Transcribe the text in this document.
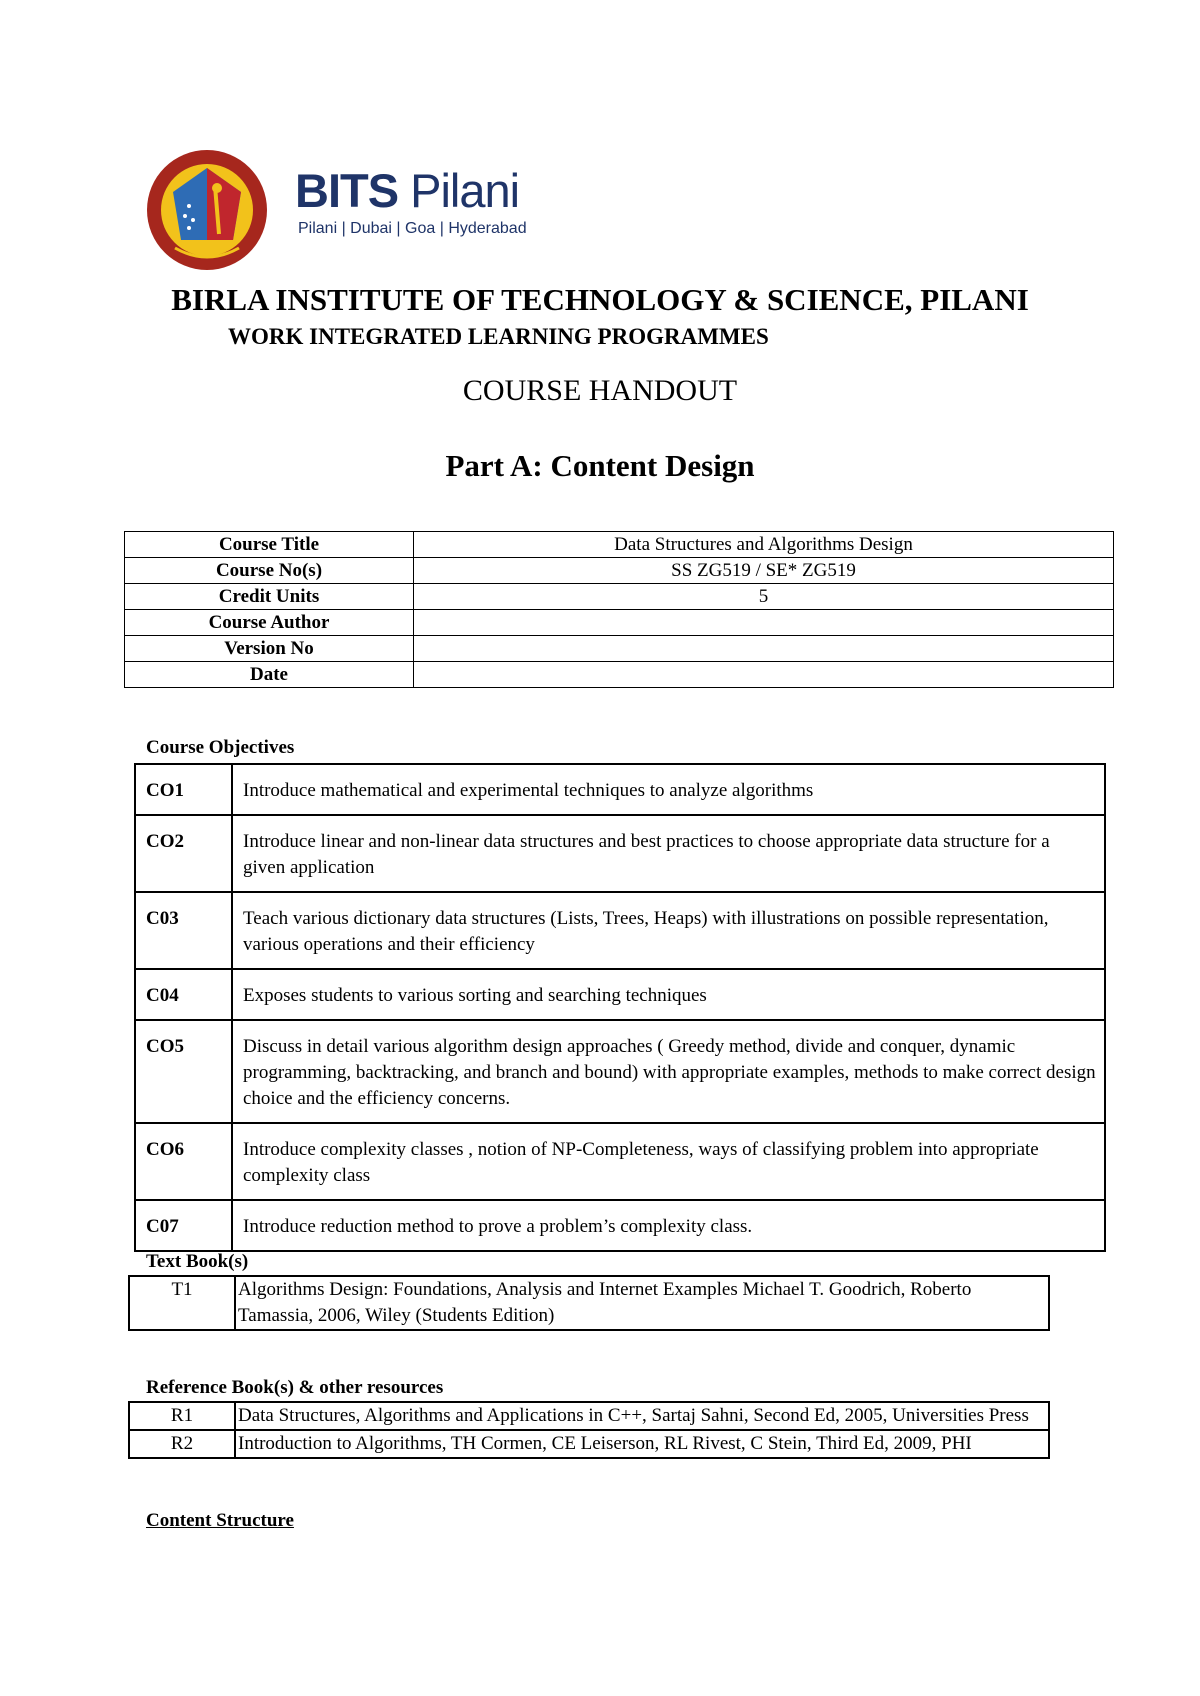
BITS Pilani
Pilani | Dubai | Goa | Hyderabad
BIRLA INSTITUTE OF TECHNOLOGY & SCIENCE, PILANI
WORK INTEGRATED LEARNING PROGRAMMES
COURSE HANDOUT
Part A: Content Design
Course Title	Data Structures and Algorithms Design
Course No(s)	SS ZG519 / SE* ZG519
Credit Units	5
Course Author	
Version No	
Date	
Course Objectives
CO1	Introduce mathematical and experimental techniques to analyze algorithms
CO2	Introduce linear and non-linear data structures and best practices to choose appropriate data structure for a given application
C03	Teach various dictionary data structures (Lists, Trees, Heaps) with illustrations on possible representation, various operations and their efficiency
C04	Exposes students to various sorting and searching techniques
CO5	Discuss in detail various algorithm design approaches ( Greedy method, divide and conquer, dynamic programming, backtracking, and branch and bound) with appropriate examples, methods to make correct design choice and the efficiency concerns.
CO6	Introduce complexity classes , notion of NP-Completeness, ways of classifying problem into appropriate complexity class
C07	Introduce reduction method to prove a problem’s complexity class.
Text Book(s)
T1	Algorithms Design: Foundations, Analysis and Internet Examples Michael T. Goodrich, Roberto Tamassia, 2006, Wiley (Students Edition)
Reference Book(s) & other resources
R1	Data Structures, Algorithms and Applications in C++, Sartaj Sahni, Second Ed, 2005, Universities Press
R2	Introduction to Algorithms, TH Cormen, CE Leiserson, RL Rivest, C Stein, Third Ed, 2009, PHI
Content Structure
